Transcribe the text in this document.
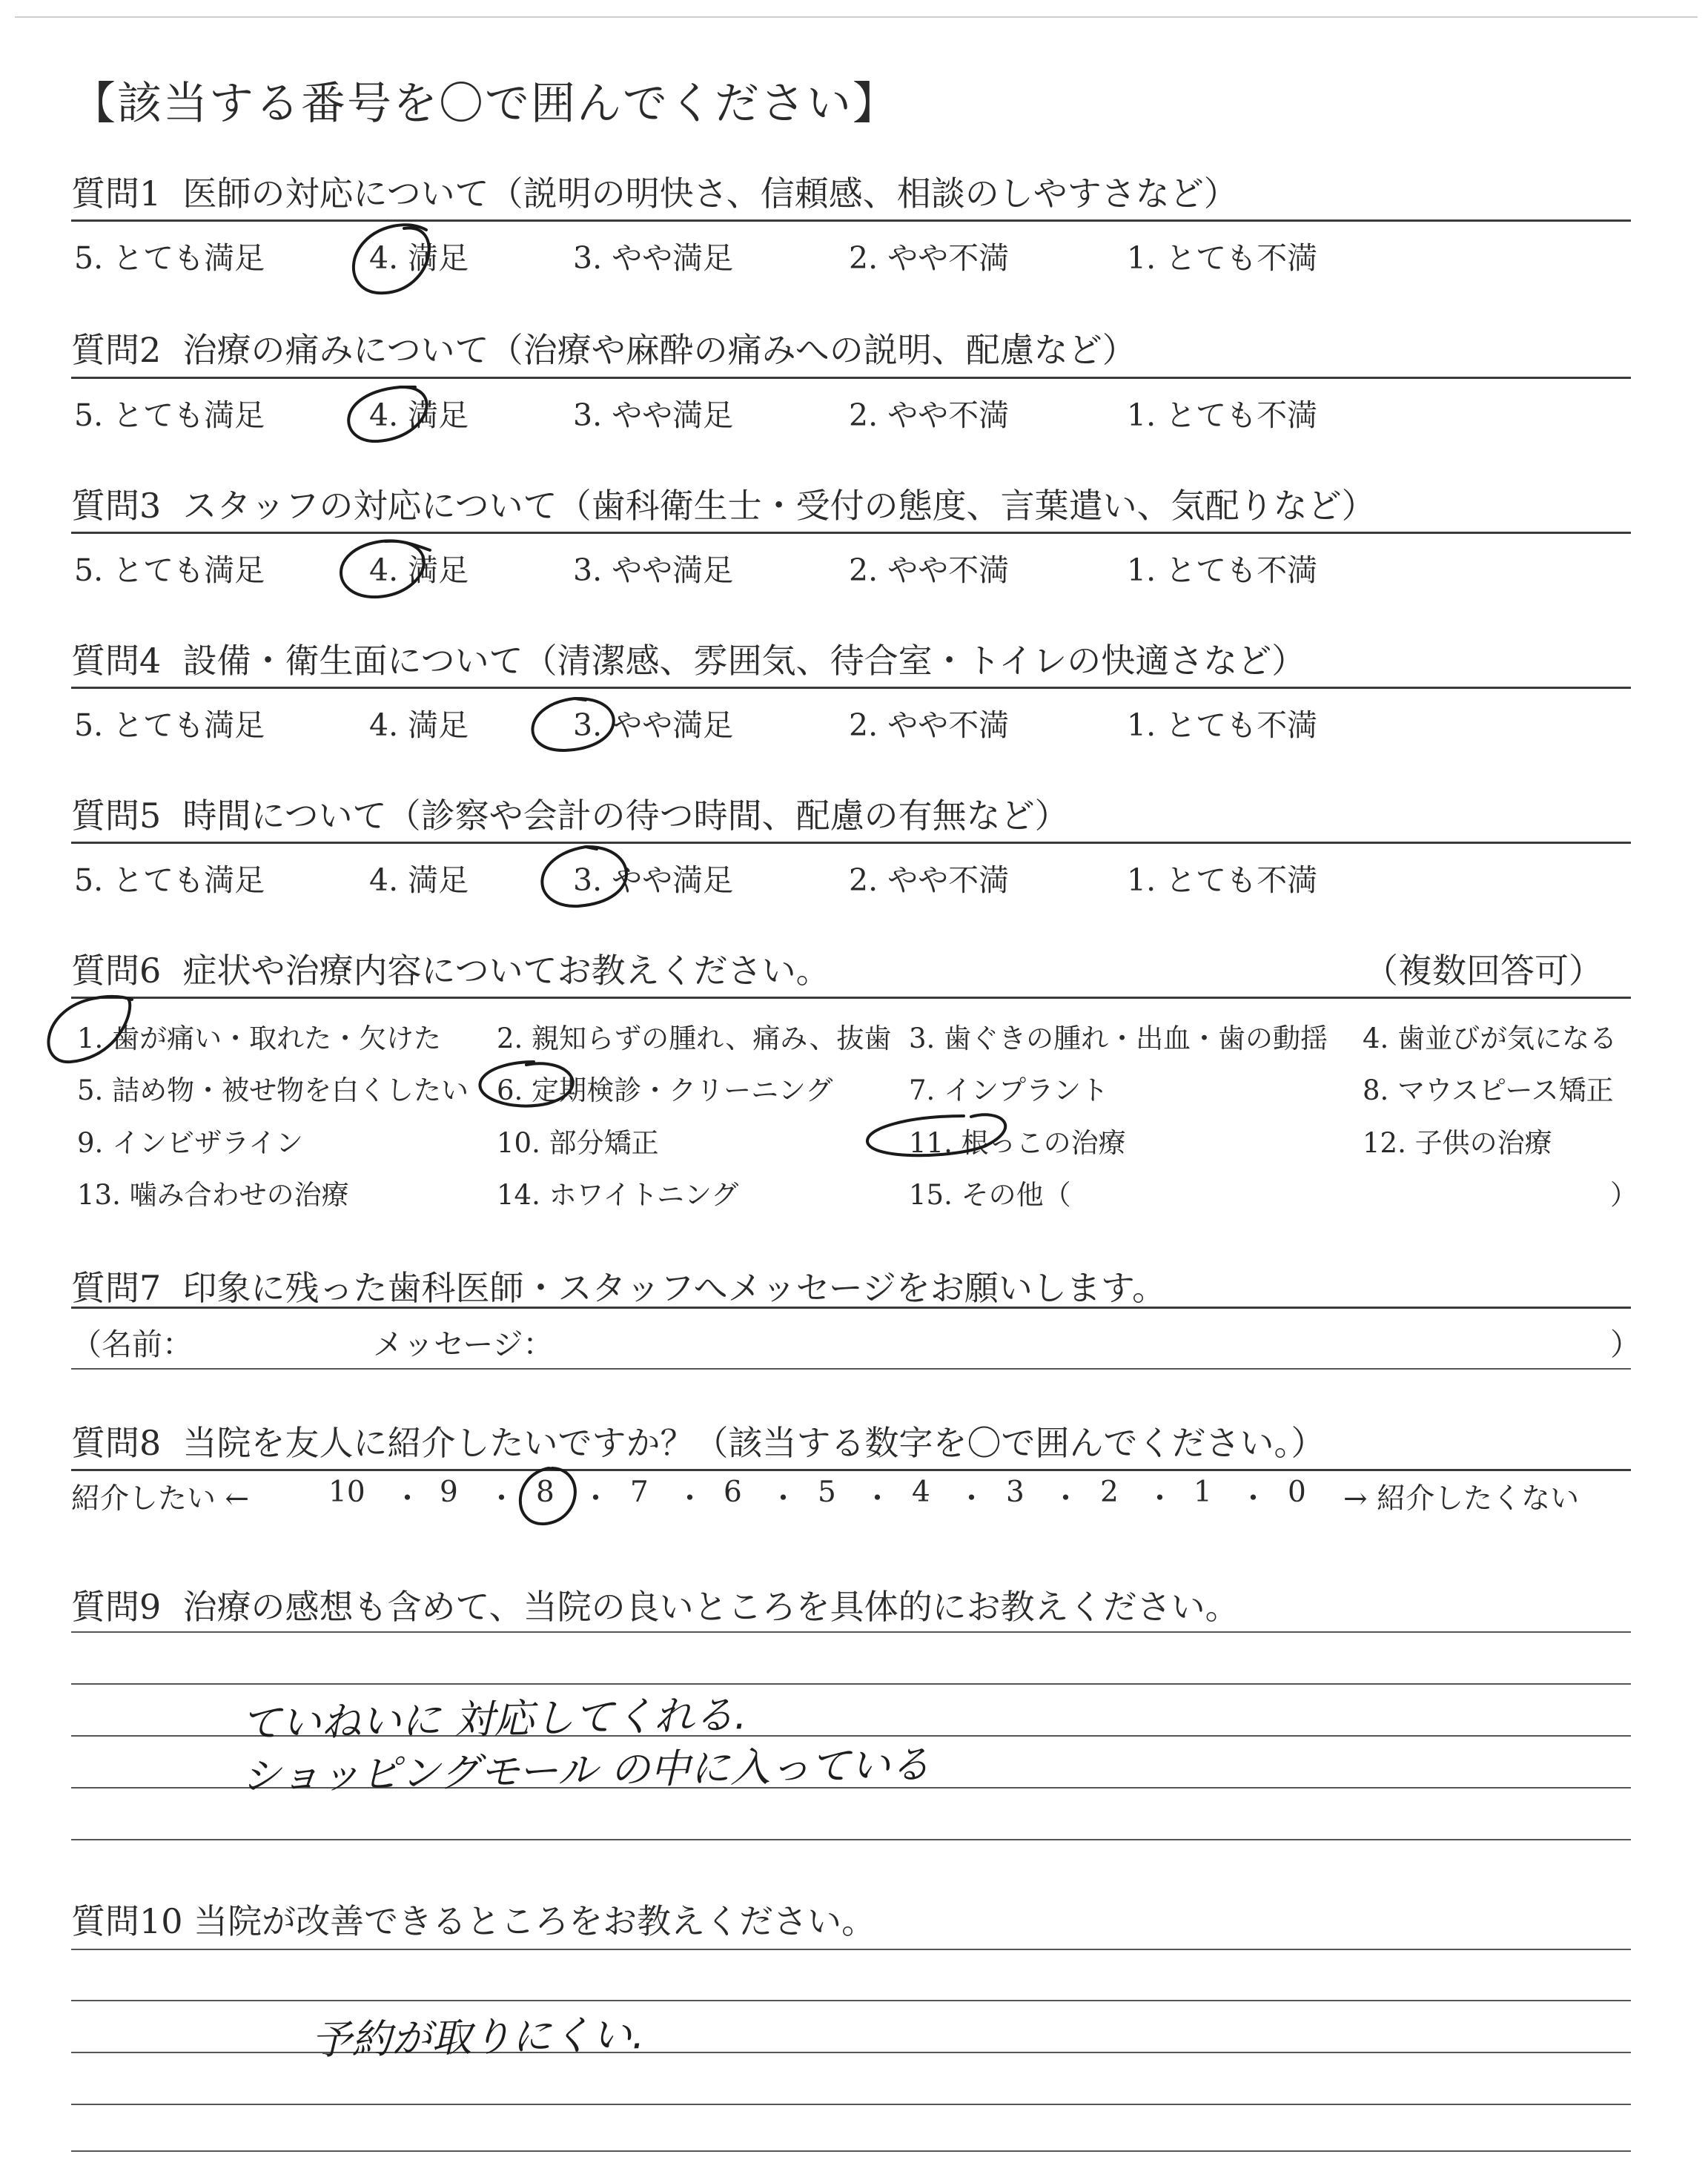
【該当する番号を〇で囲んでください】
質問1 医師の対応について（説明の明快さ、信頼感、相談のしやすさなど）
5. とても満足	4. 満足	3. やや満足	2. やや不満	1. とても不満
質問2 治療の痛みについて（治療や麻酔の痛みへの説明、配慮など）
5. とても満足	4. 満足	3. やや満足	2. やや不満	1. とても不満
質問3 スタッフの対応について（歯科衛生士・受付の態度、言葉遣い、気配りなど）
5. とても満足	4. 満足	3. やや満足	2. やや不満	1. とても不満
質問4 設備・衛生面について（清潔感、雰囲気、待合室・トイレの快適さなど）
5. とても満足	4. 満足	3. やや満足	2. やや不満	1. とても不満
質問5 時間について（診察や会計の待つ時間、配慮の有無など）
5. とても満足	4. 満足	3. やや満足	2. やや不満	1. とても不満
質問6 症状や治療内容についてお教えください。	（複数回答可）
1. 歯が痛い・取れた・欠けた 2. 親知らずの腫れ、痛み、抜歯 3. 歯ぐきの腫れ・出血・歯の動揺 4. 歯並びが気になる
5. 詰め物・被せ物を白くしたい 6. 定期検診・クリーニング	7. インプラント	8. マウスピース矯正
9. インビザライン	10. 部分矯正	11. 根っこの治療	12. 子供の治療
13. 噛み合わせの治療	14. ホワイトニング	15. その他（	）
質問7 印象に残った歯科医師・スタッフへメッセージをお願いします。
（名前：	メッセージ：	）
質問8 当院を友人に紹介したいですか？（該当する数字を〇で囲んでください。）
紹介したい ←	→ 紹介したくない
10	9	8	7	6	5	4	3	2	1	0
・ ・ ・ ・ ・ ・ ・ ・ ・ ・
質問9 治療の感想も含めて、当院の良いところを具体的にお教えください。
ていねいに 対応してくれる.
ショッピングモール の中に入っている
質問10 当院が改善できるところをお教えください。
予約が取りにくい.
